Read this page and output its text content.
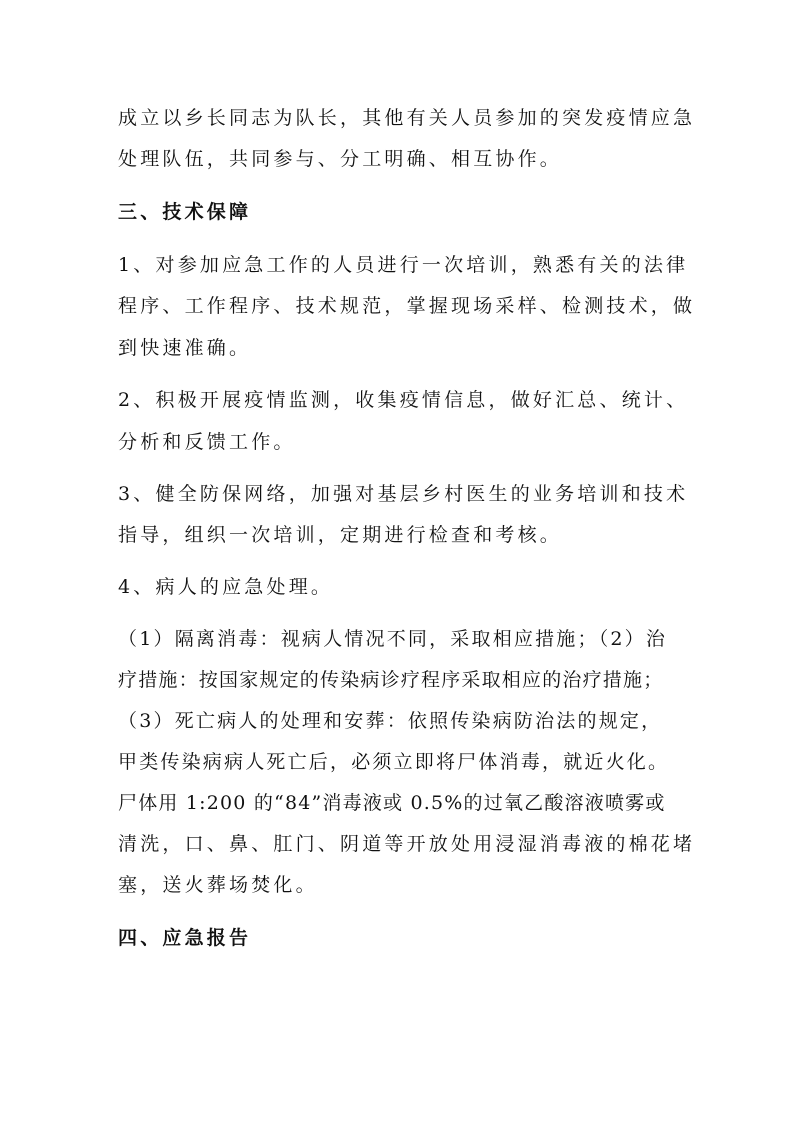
成立以乡长同志为队长，其他有关人员参加的突发疫情应急
处理队伍，共同参与、分工明确、相互协作。
三、技术保障
1、对参加应急工作的人员进行一次培训，熟悉有关的法律
程序、工作程序、技术规范，掌握现场采样、检测技术，做
到快速准确。
2、积极开展疫情监测，收集疫情信息，做好汇总、统计、
分析和反馈工作。
3、健全防保网络，加强对基层乡村医生的业务培训和技术
指导，组织一次培训，定期进行检查和考核。
4、病人的应急处理。
（1）隔离消毒：视病人情况不同，采取相应措施；（2）治
疗措施：按国家规定的传染病诊疗程序采取相应的治疗措施；
（3）死亡病人的处理和安葬：依照传染病防治法的规定，
甲类传染病病人死亡后，必须立即将尸体消毒，就近火化。
尸体用 1:200 的“84”消毒液或 0.5%的过氧乙酸溶液喷雾或
清洗，口、鼻、肛门、阴道等开放处用浸湿消毒液的棉花堵
塞，送火葬场焚化。
四、应急报告
